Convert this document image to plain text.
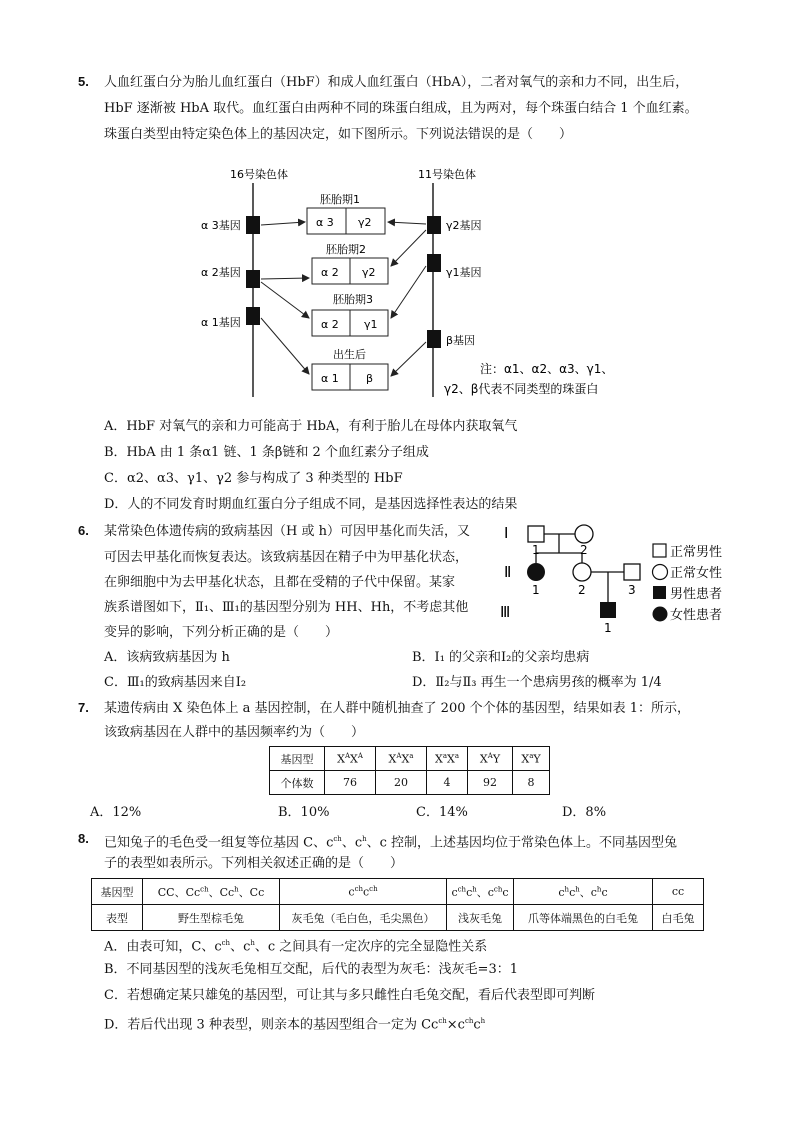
5. 人血红蛋白分为胎儿血红蛋白（HbF）和成人血红蛋白（HbA），二者对氧气的亲和力不同，出生后，
HbF 逐渐被 HbA 取代。血红蛋白由两种不同的珠蛋白组成，且为两对，每个珠蛋白结合 1 个血红素。
珠蛋白类型由特定染色体上的基因决定，如下图所示。下列说法错误的是（　　）
16号染色体	11号染色体
α 3基因
α 2基因
α 1基因
γ2基因
γ1基因
β基因
胚胎期1
α 3 γ2
胚胎期2
α 2 γ2
胚胎期3
α 2 γ1
出生后
α 1 β
注：α1、α2、α3、γ1、
γ2、β代表不同类型的珠蛋白
A．HbF 对氧气的亲和力可能高于 HbA，有利于胎儿在母体内获取氧气
B．HbA 由 1 条α1 链、1 条β链和 2 个血红素分子组成
C．α2、α3、γ1、γ2 参与构成了 3 种类型的 HbF
D．人的不同发育时期血红蛋白分子组成不同，是基因选择性表达的结果
6. 某常染色体遗传病的致病基因（H 或 h）可因甲基化而失活，又
可因去甲基化而恢复表达。该致病基因在精子中为甲基化状态，
在卵细胞中为去甲基化状态，且都在受精的子代中保留。某家
族系谱图如下，Ⅱ₁、Ⅲ₁的基因型分别为 HH、Hh，不考虑其他
变异的影响，下列分析正确的是（　　）
I
Ⅱ
Ⅲ
1	2
1	2	3
1
正常男性
正常女性
男性患者
女性患者
A．该病致病基因为 h	B．I₁ 的父亲和I₂的父亲均患病
C．Ⅲ₁的致病基因来自I₂	D．Ⅱ₂与Ⅱ₃ 再生一个患病男孩的概率为 1/4
7. 某遗传病由 X 染色体上 a 基因控制，在人群中随机抽查了 200 个个体的基因型，结果如表 1：所示，
该致病基因在人群中的基因频率约为（　　）
基因型	$X^AX^A$	$X^AX^a$	$X^aX^a$	$X^AY$	$X^aY$
个体数	76	20	4	92	8
A．12%	B．10%	C．14%	D．8%
8. 已知兔子的毛色受一组复等位基因 C、$c^{ch}$、$c^h$、c 控制，上述基因均位于常染色体上。不同基因型兔
子的表型如表所示。下列相关叙述正确的是（　　）
基因型	CC、$Cc^{ch}$、Cc$^h$、Cc	$c^{ch}c^{ch}$	$c^{ch}c^h$、$c^{ch}c$	$c^hc^h$、$c^hc$	cc
表型	野生型棕毛兔	灰毛兔（毛白色，毛尖黑色）	浅灰毛兔	爪等体端黑色的白毛兔	白毛兔
A．由表可知，C、$c^{ch}$、$c^h$、c 之间具有一定次序的完全显隐性关系
B．不同基因型的浅灰毛兔相互交配，后代的表型为灰毛：浅灰毛=3：1
C．若想确定某只雄兔的基因型，可让其与多只雌性白毛兔交配，看后代表型即可判断
D．若后代出现 3 种表型，则亲本的基因型组合一定为 $Cc^{ch}\times c^{ch}c^h$
